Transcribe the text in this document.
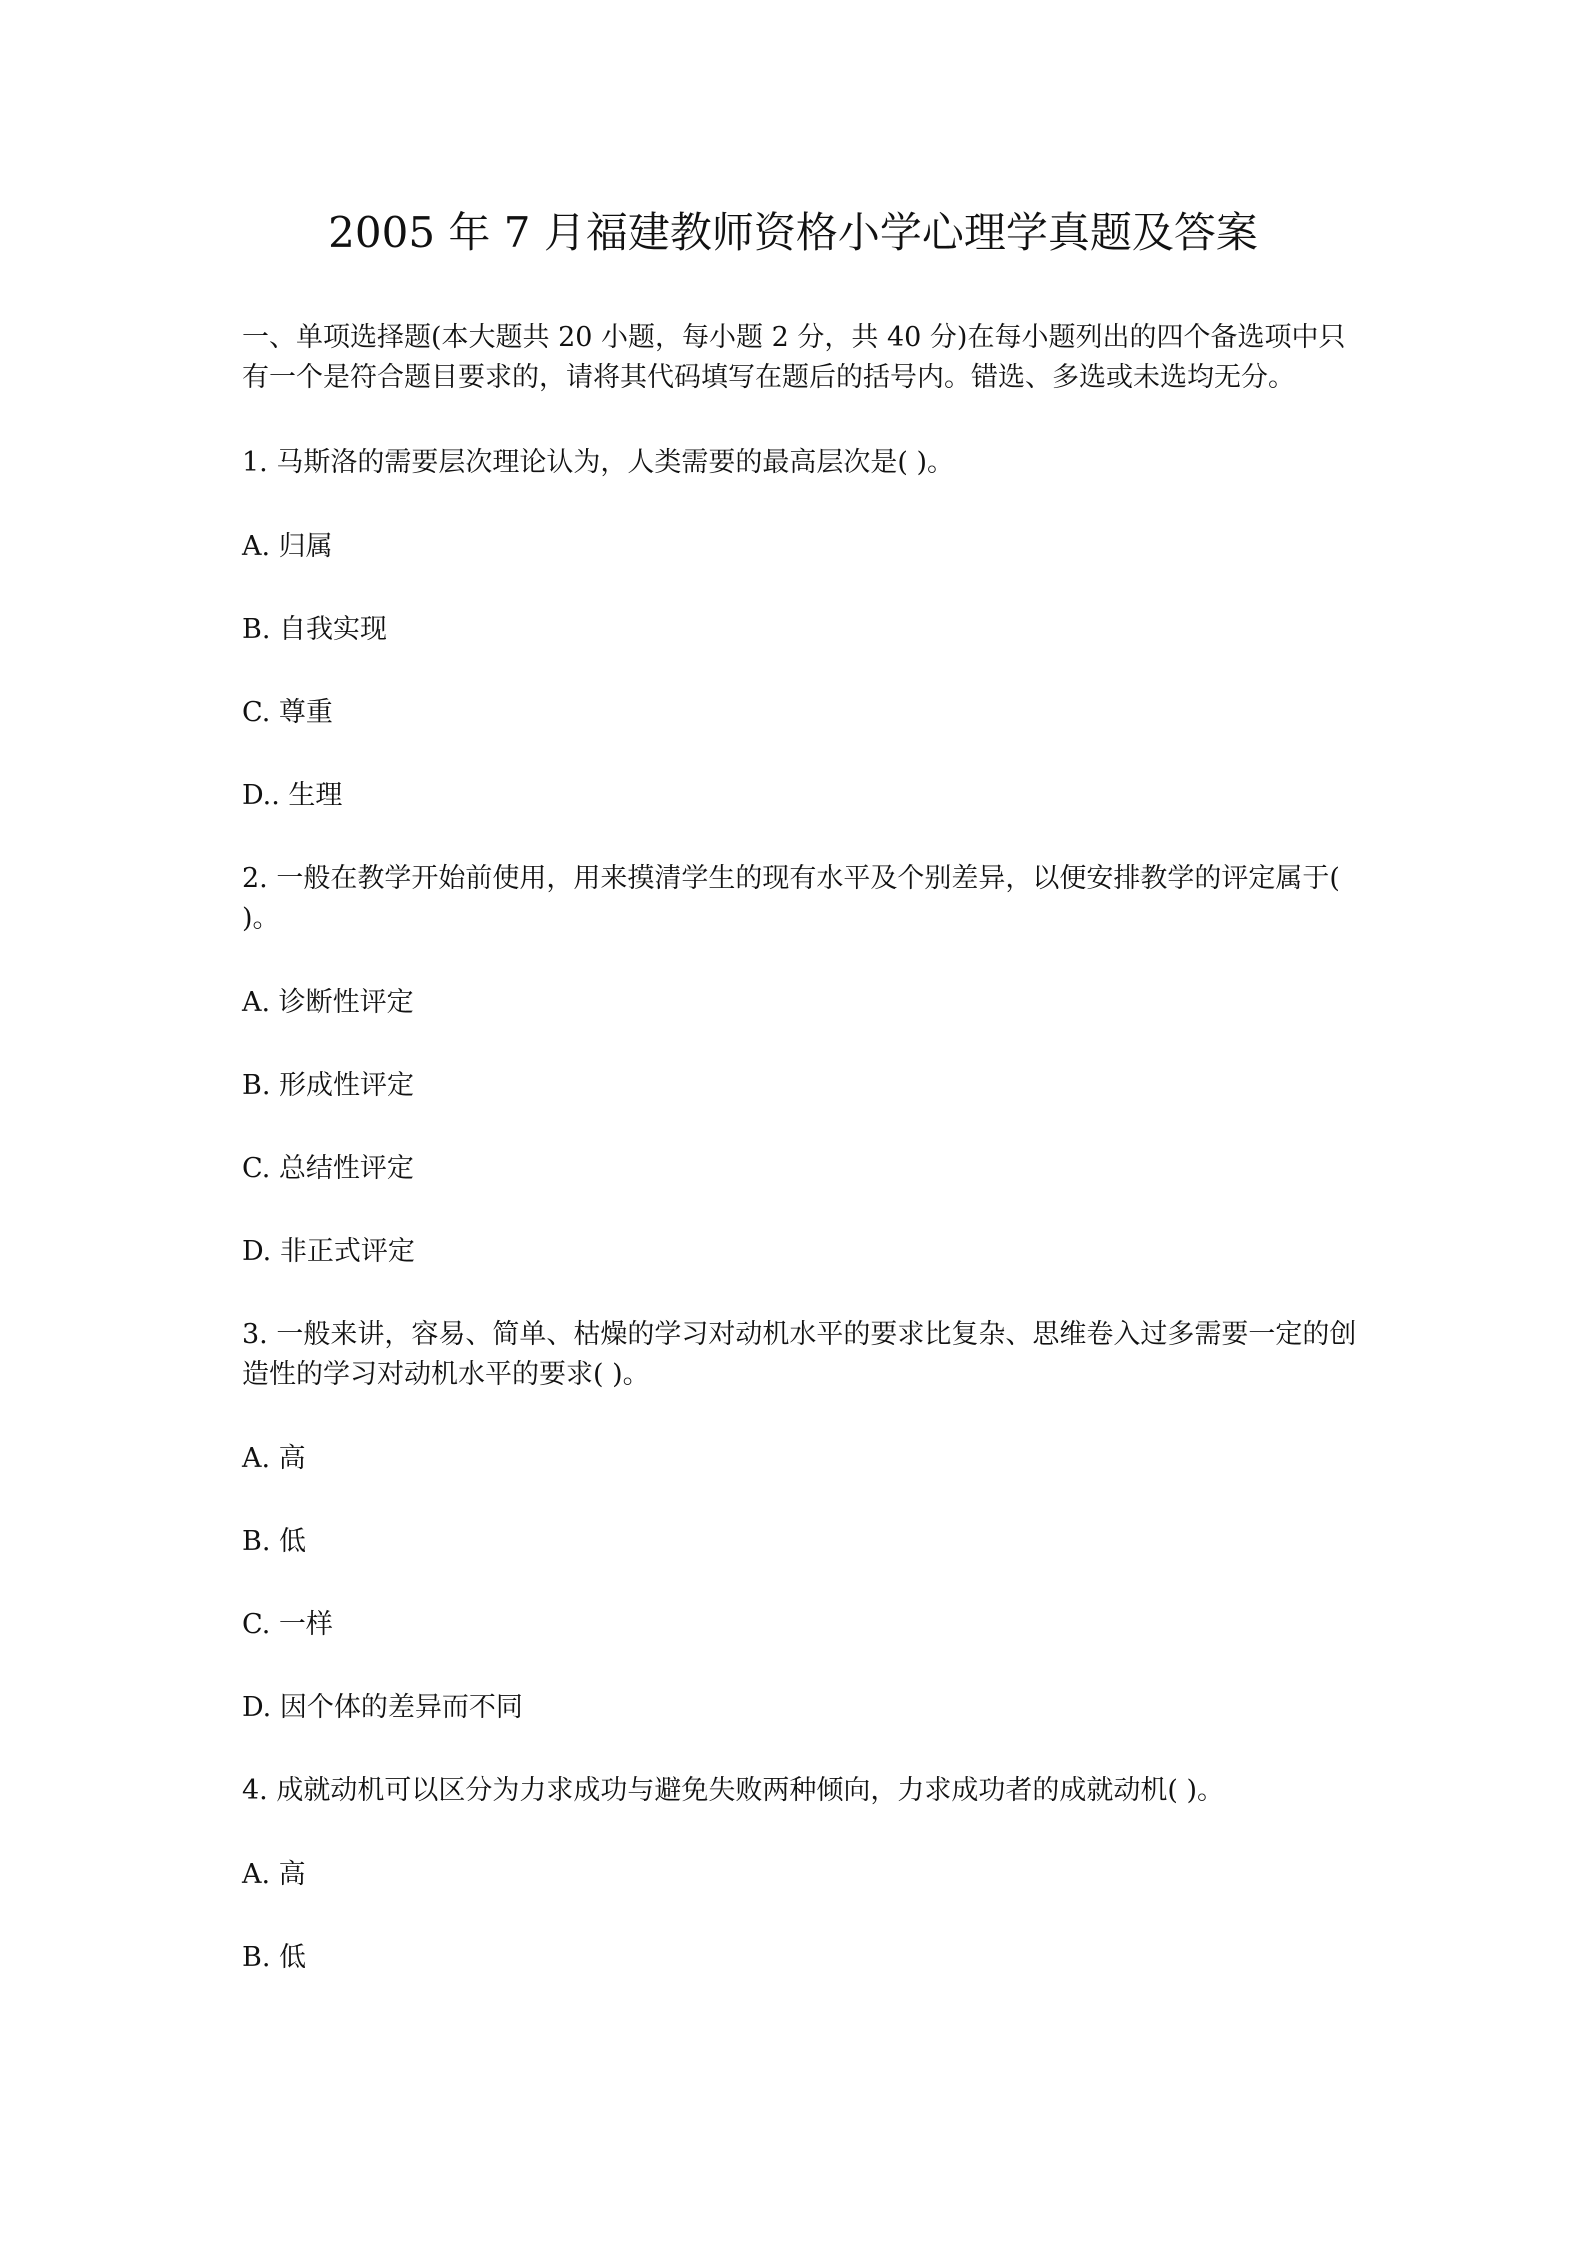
2005 年 7 月福建教师资格小学心理学真题及答案

一、单项选择题(本大题共 20 小题，每小题 2 分，共 40 分)在每小题列出的四个备选项中只有一个是符合题目要求的，请将其代码填写在题后的括号内。错选、多选或未选均无分。

1. 马斯洛的需要层次理论认为，人类需要的最高层次是( )。

A. 归属

B. 自我实现

C. 尊重

D.. 生理

2. 一般在教学开始前使用，用来摸清学生的现有水平及个别差异，以便安排教学的评定属于( )。

A. 诊断性评定

B. 形成性评定

C. 总结性评定

D. 非正式评定

3. 一般来讲，容易、简单、枯燥的学习对动机水平的要求比复杂、思维卷入过多需要一定的创造性的学习对动机水平的要求( )。

A. 高

B. 低

C. 一样

D. 因个体的差异而不同

4. 成就动机可以区分为力求成功与避免失败两种倾向，力求成功者的成就动机( )。

A. 高

B. 低
